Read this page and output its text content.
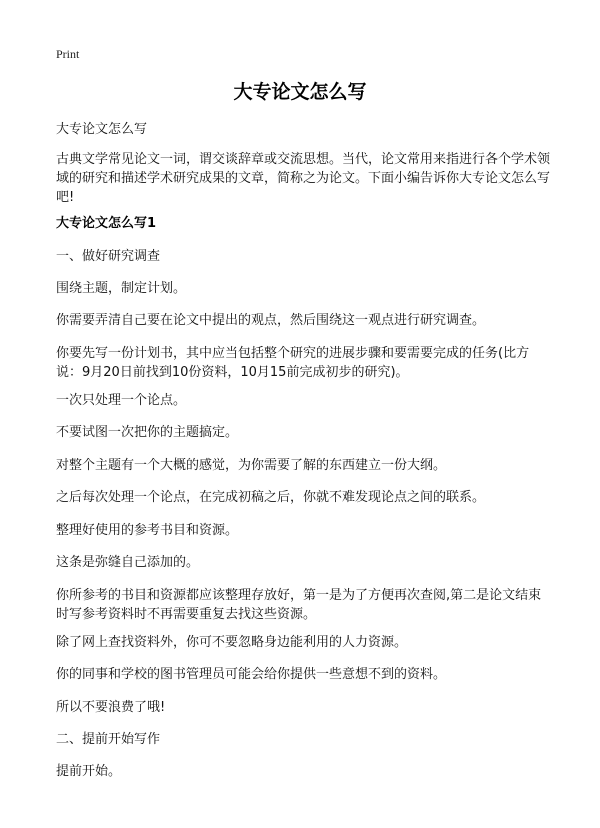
Print
大专论文怎么写

大专论文怎么写

古典文学常见论文一词，谓交谈辞章或交流思想。当代，论文常用来指进行各个学术领域的研究和描述学术研究成果的文章，简称之为论文。下面小编告诉你大专论文怎么写吧!

大专论文怎么写1

一、做好研究调查

围绕主题，制定计划。

你需要弄清自己要在论文中提出的观点，然后围绕这一观点进行研究调查。

你要先写一份计划书，其中应当包括整个研究的进展步骤和要需要完成的任务(比方说：9月20日前找到10份资料，10月15前完成初步的研究)。

一次只处理一个论点。

不要试图一次把你的主题搞定。

对整个主题有一个大概的感觉，为你需要了解的东西建立一份大纲。

之后每次处理一个论点，在完成初稿之后，你就不难发现论点之间的联系。

整理好使用的参考书目和资源。

这条是弥缝自己添加的。

你所参考的书目和资源都应该整理存放好，第一是为了方便再次查阅,第二是论文结束时写参考资料时不再需要重复去找这些资源。

除了网上查找资料外，你可不要忽略身边能利用的人力资源。

你的同事和学校的图书管理员可能会给你提供一些意想不到的资料。

所以不要浪费了哦!

二、提前开始写作

提前开始。
